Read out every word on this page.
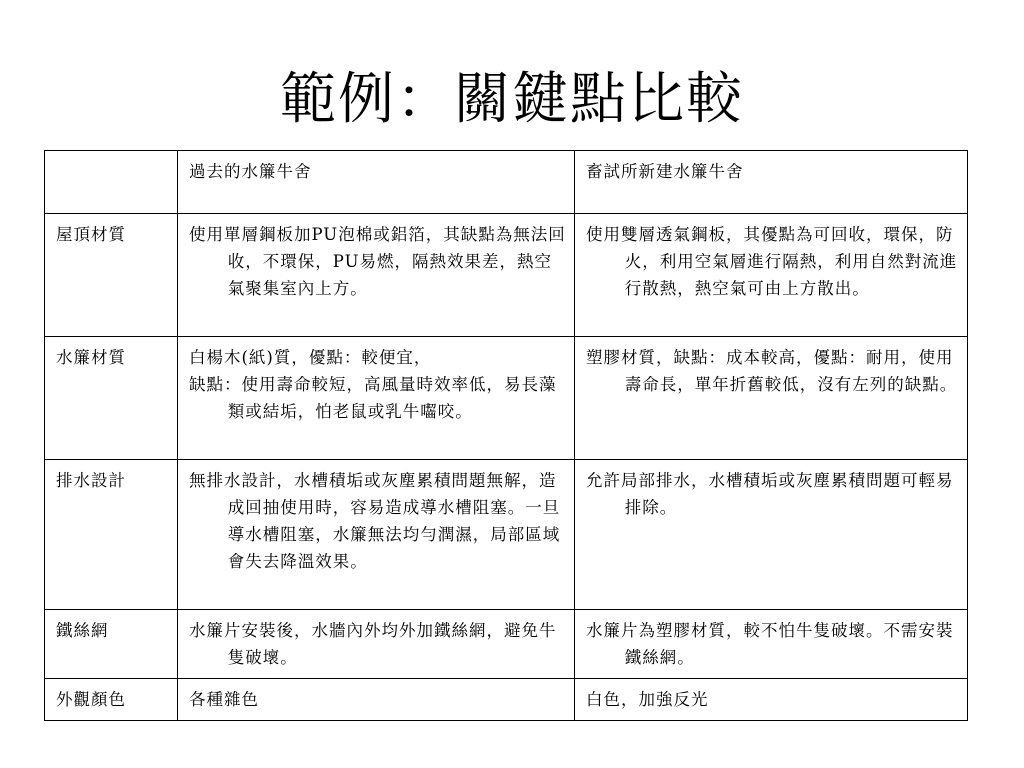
範例：關鍵點比較
	過去的水簾牛舍	畜試所新建水簾牛舍
屋頂材質	使用單層鋼板加PU泡棉或鋁箔，其缺點為無法回收，不環保，PU易燃，隔熱效果差，熱空氣聚集室內上方。	使用雙層透氣鋼板，其優點為可回收，環保，防火，利用空氣層進行隔熱，利用自然對流進行散熱，熱空氣可由上方散出。

水簾材質	白楊木(紙)質，優點：較便宜，
缺點：使用壽命較短，高風量時效率低，易長藻類或結垢，怕老鼠或乳牛囓咬。	塑膠材質，缺點：成本較高，優點：耐用，使用壽命長，單年折舊較低，沒有左列的缺點。

排水設計	無排水設計，水槽積垢或灰塵累積問題無解，造成回抽使用時，容易造成導水槽阻塞。一旦導水槽阻塞，水簾無法均勻潤濕，局部區域會失去降溫效果。	允許局部排水，水槽積垢或灰塵累積問題可輕易排除。

鐵絲網	水簾片安裝後，水牆內外均外加鐵絲網，避免牛隻破壞。	水簾片為塑膠材質，較不怕牛隻破壞。不需安裝鐵絲網。

外觀顏色	各種雜色	白色，加強反光
